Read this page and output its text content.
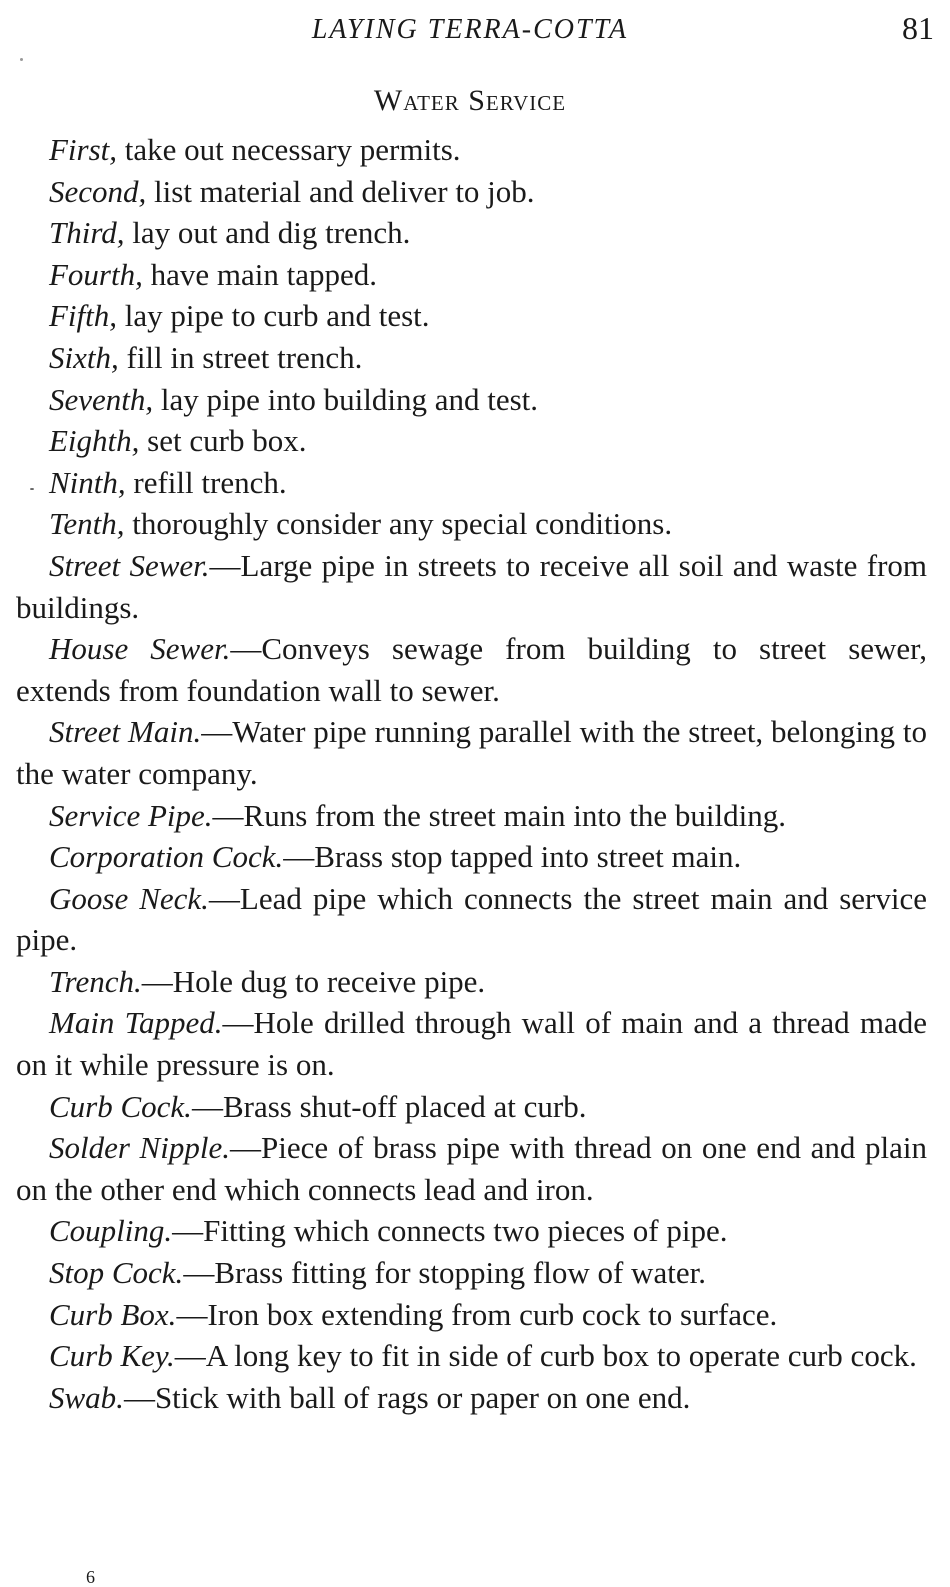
LAYING TERRA-COTTA	81
Water Service

First, take out necessary permits.

Second, list material and deliver to job.

Third, lay out and dig trench.

Fourth, have main tapped.

Fifth, lay pipe to curb and test.

Sixth, fill in street trench.

Seventh, lay pipe into building and test.

Eighth, set curb box.

Ninth, refill trench.

Tenth, thoroughly consider any special conditions.

Street Sewer.—Large pipe in streets to receive all soil and waste from buildings.

House Sewer.—Conveys sewage from building to street sewer, extends from foundation wall to sewer.

Street Main.—Water pipe running parallel with the street, belonging to the water company.

Service Pipe.—Runs from the street main into the building.

Corporation Cock.—Brass stop tapped into street main.

Goose Neck.—Lead pipe which connects the street main and service pipe.

Trench.—Hole dug to receive pipe.

Main Tapped.—Hole drilled through wall of main and a thread made on it while pressure is on.

Curb Cock.—Brass shut-off placed at curb.

Solder Nipple.—Piece of brass pipe with thread on one end and plain on the other end which connects lead and iron.

Coupling.—Fitting which connects two pieces of pipe.

Stop Cock.—Brass fitting for stopping flow of water.

Curb Box.—Iron box extending from curb cock to surface.

Curb Key.—A long key to fit in side of curb box to operate curb cock.

Swab.—Stick with ball of rags or paper on one end.

6
